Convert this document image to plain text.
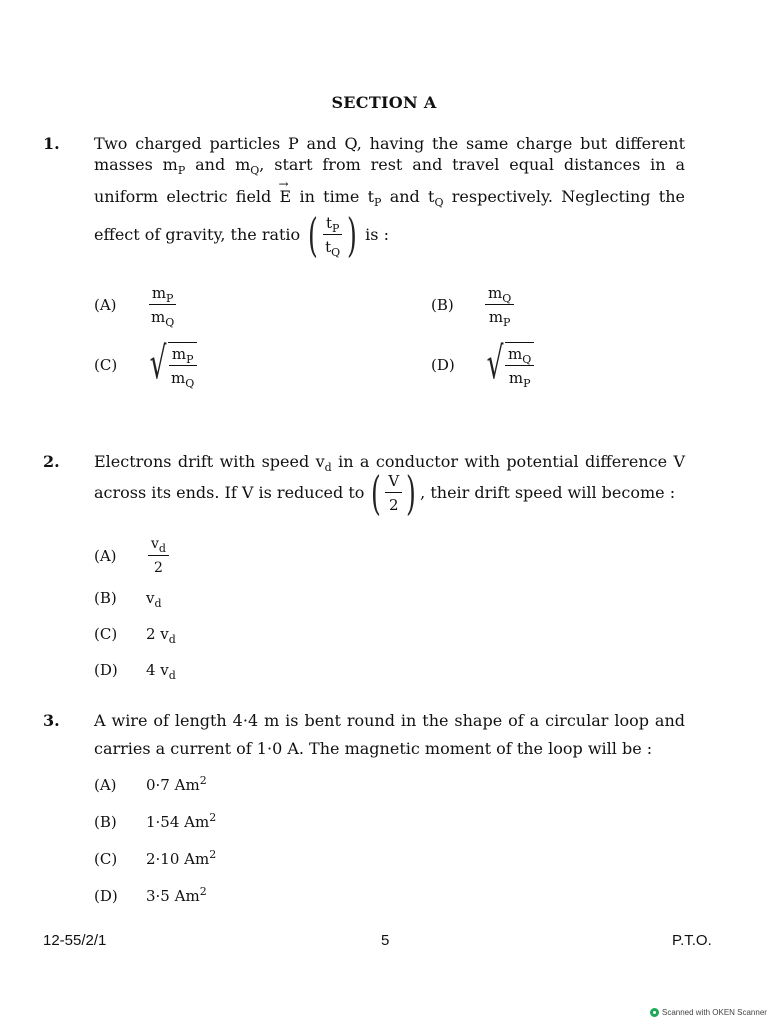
SECTION A
1. Two charged particles P and Q, having the same charge but different
masses $m_P$ and $m_Q$, start from rest and travel equal distances in a
uniform electric field
→
E in time $t_P$ and $t_Q$ respectively. Neglecting the
effect of gravity, the ratio ( $\frac{t_P}{t_Q}$ ) is :
(A)	$\frac{m_P}{m_Q}$	(B)	$\frac{m_Q}{m_P}$
(C) √ $\frac{m_P}{m_Q}$	(D) √ $\frac{m_Q}{m_P}$
2. Electrons drift with speed $v_d$ in a conductor with potential difference V
across its ends. If V is reduced to ( $\frac{V}{2}$ ) , their drift speed will become :
(A)	$\frac{v_d}{2}$
(B)	$v_d$
(C)	2 $v_d$
(D)	4 $v_d$
3. A wire of length 4·4 m is bent round in the shape of a circular loop and
carries a current of 1·0 A. The magnetic moment of the loop will be :
(A)	0·7 Am$^2$
(B)	1·54 Am$^2$
(C)	2·10 Am$^2$
(D)	3·5 Am$^2$
12-55/2/1	5	P.T.O.
Scanned with OKEN Scanner
